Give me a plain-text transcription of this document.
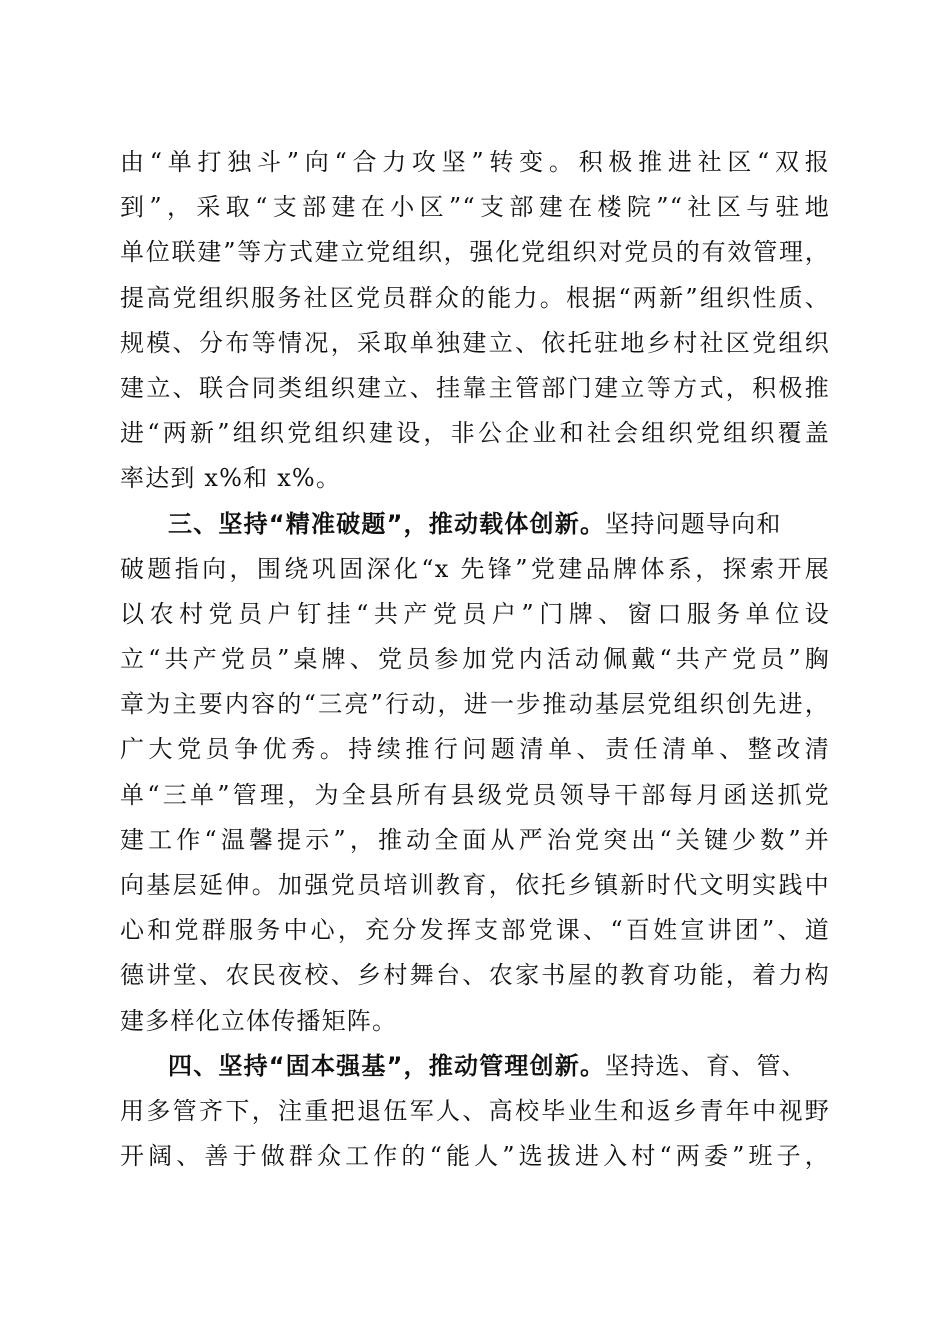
由“单打独斗”向“合力攻坚”转变。积极推进社区“双报
到”，采取“支部建在小区”“支部建在楼院”“社区与驻地
单位联建”等方式建立党组织，强化党组织对党员的有效管理，
提高党组织服务社区党员群众的能力。根据“两新”组织性质、
规模、分布等情况，采取单独建立、依托驻地乡村社区党组织
建立、联合同类组织建立、挂靠主管部门建立等方式，积极推
进“两新”组织党组织建设，非公企业和社会组织党组织覆盖
率达到 x%和 x%。
三、坚持“精准破题”，推动载体创新。坚持问题导向和
破题指向，围绕巩固深化“x 先锋”党建品牌体系，探索开展
以农村党员户钉挂“共产党员户”门牌、窗口服务单位设
立“共产党员”桌牌、党员参加党内活动佩戴“共产党员”胸
章为主要内容的“三亮”行动，进一步推动基层党组织创先进，
广大党员争优秀。持续推行问题清单、责任清单、整改清
单“三单”管理，为全县所有县级党员领导干部每月函送抓党
建工作“温馨提示”，推动全面从严治党突出“关键少数”并
向基层延伸。加强党员培训教育，依托乡镇新时代文明实践中
心和党群服务中心，充分发挥支部党课、“百姓宣讲团”、道
德讲堂、农民夜校、乡村舞台、农家书屋的教育功能，着力构
建多样化立体传播矩阵。
四、坚持“固本强基”，推动管理创新。坚持选、育、管、
用多管齐下，注重把退伍军人、高校毕业生和返乡青年中视野
开阔、善于做群众工作的“能人”选拔进入村“两委”班子，
